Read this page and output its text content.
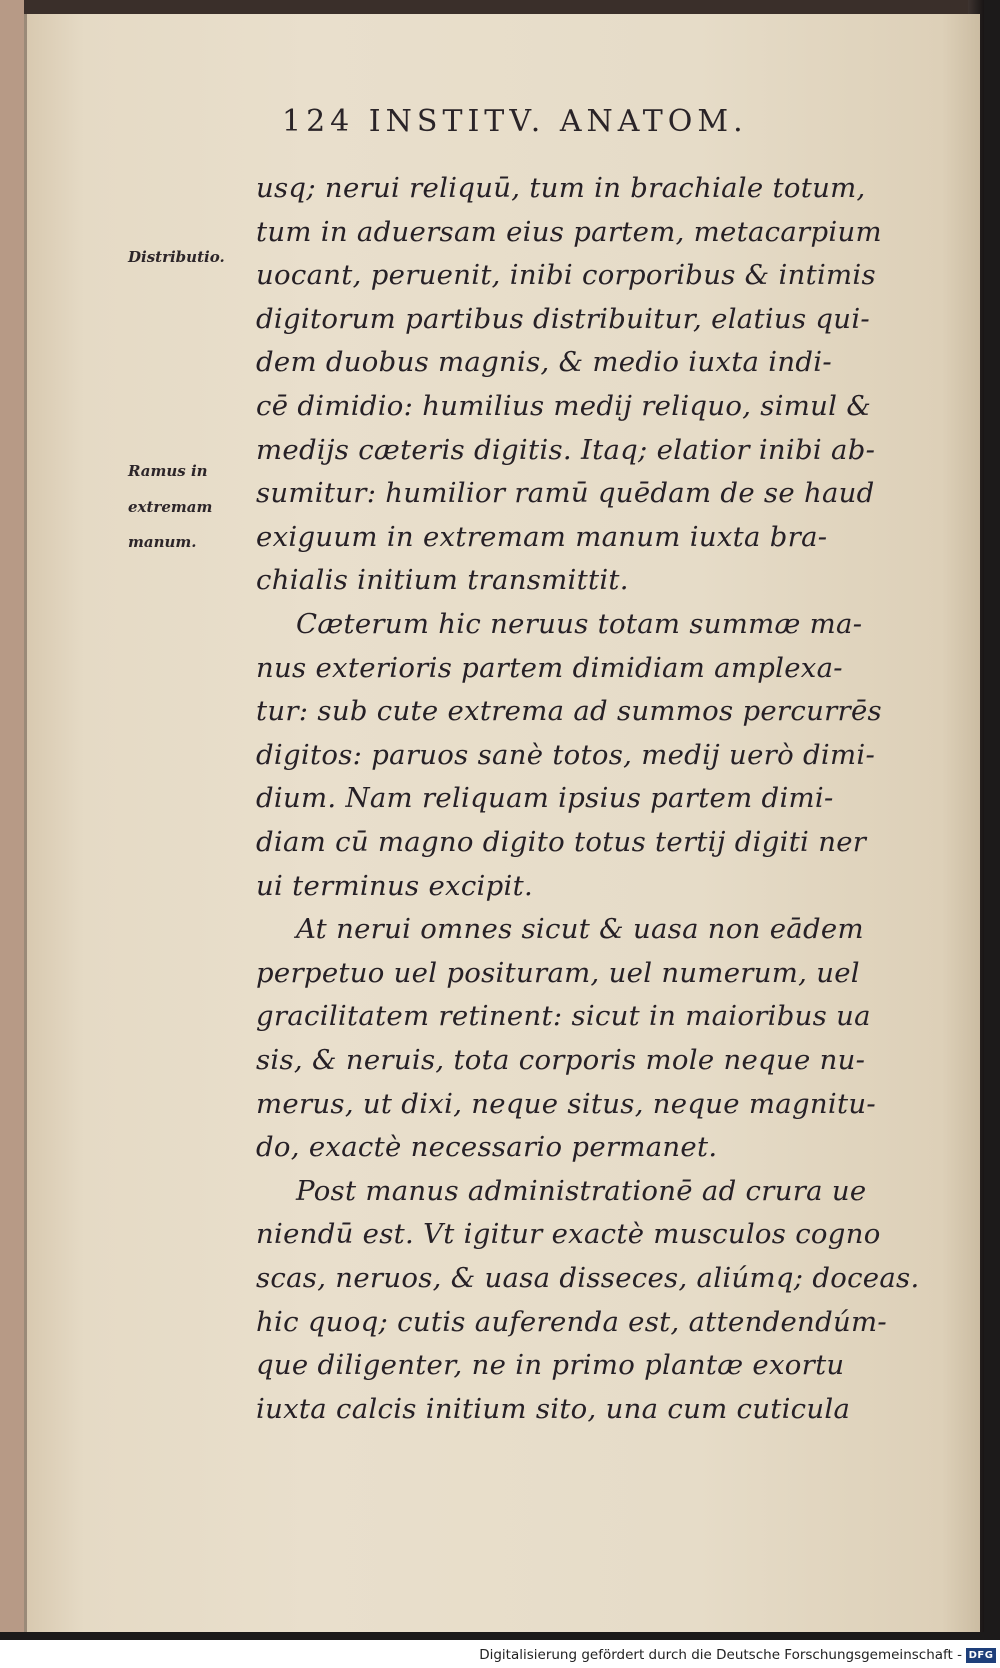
124 INSTITV. ANATOM.
Distributio.
Ramus in
extremam
manum.
usq; nerui reliquū, tum in brachiale totum,
tum in aduersam eius partem, metacarpium
uocant, peruenit, inibi corporibus & intimis
digitorum partibus distribuitur, elatius qui-
dem duobus magnis, & medio iuxta indi-
cē dimidio: humilius medij reliquo, simul &
medijs cæteris digitis. Itaq; elatior inibi ab-
sumitur: humilior ramū quēdam de se haud
exiguum in extremam manum iuxta bra-
chialis initium transmittit.
Cæterum hic neruus totam summæ ma-
nus exterioris partem dimidiam amplexa-
tur: sub cute extrema ad summos percurrēs
digitos: paruos sanè totos, medij uerò dimi-
dium. Nam reliquam ipsius partem dimi-
diam cū magno digito totus tertij digiti ner
ui terminus excipit.
At nerui omnes sicut & uasa non eādem
perpetuo uel posituram, uel numerum, uel
gracilitatem retinent: sicut in maioribus ua
sis, & neruis, tota corporis mole neque nu-
merus, ut dixi, neque situs, neque magnitu-
do, exactè necessario permanet.
Post manus administrationē ad crura ue
niendū est. Vt igitur exactè musculos cogno
scas, neruos, & uasa disseces, aliúmq; doceas.
hic quoq; cutis auferenda est, attendendúm-
que diligenter, ne in primo plantæ exortu
iuxta calcis initium sito, una cum cuticula
Digitalisierung gefördert durch die Deutsche Forschungsgemeinschaft - DFG
